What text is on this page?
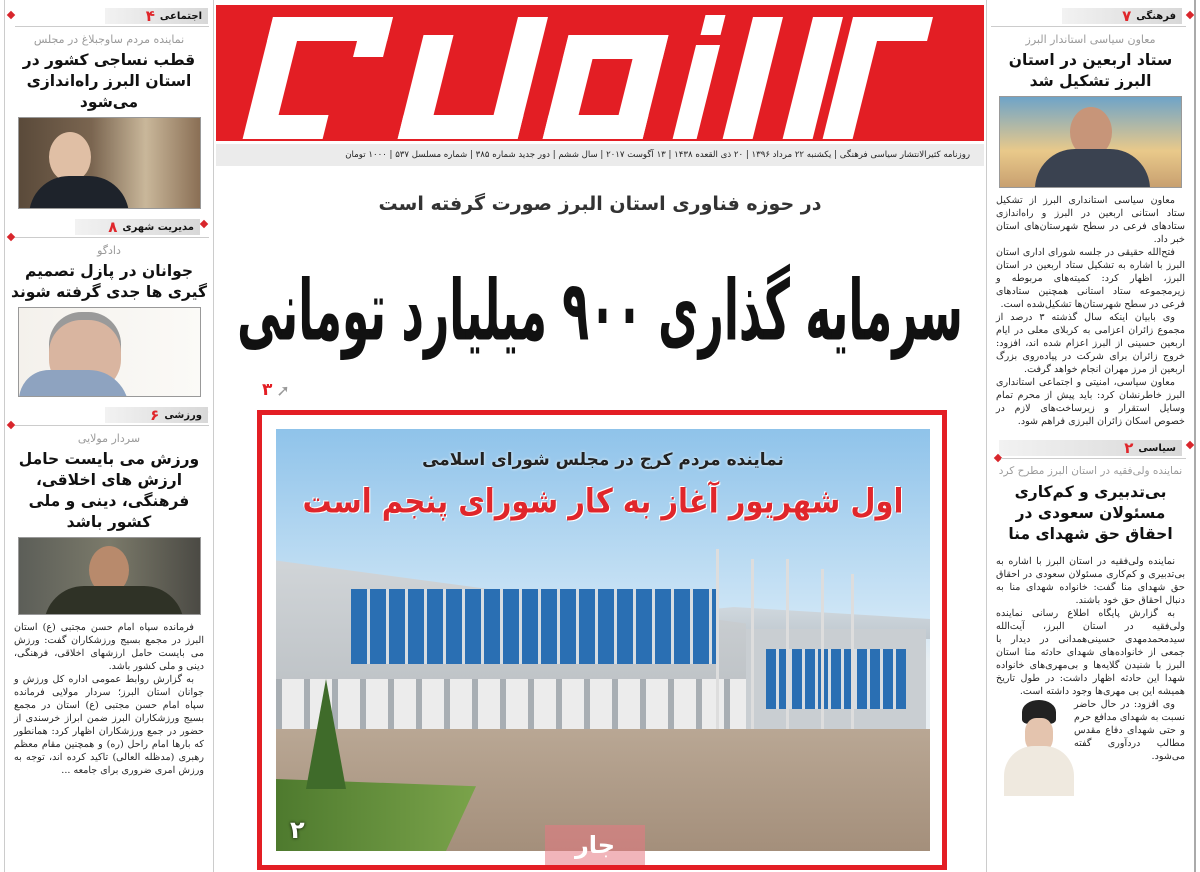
اجتماعی
۴
نماینده مردم ساوجبلاغ در مجلس
قطب نساجی کشور در استان البرز راه‌اندازی می‌شود
مدیریت شهری
۸
دادگو
جوانان در پازل تصمیم گیری ها جدی گرفته شوند
ورزشی
۶
سردار مولایی
ورزش می بایست حامل ارزش های اخلاقی، فرهنگی، دینی و ملی کشور باشد

فرمانده سپاه امام حسن مجتبی (ع) استان البرز در مجمع بسیج ورزشکاران گفت: ورزش می بایست حامل ارزشهای اخلاقی، فرهنگی، دینی و ملی کشور باشد.

به گزارش روابط عمومی اداره کل ورزش و جوانان استان البرز؛ سردار مولایی فرمانده سپاه امام حسن مجتبی (ع) استان در مجمع بسیج ورزشکاران البرز ضمن ابراز خرسندی از حضور در جمع ورزشکاران اظهار کرد: همانطور که بارها امام راحل (ره) و همچنین مقام معظم رهبری (مدظله العالی) تاکید کرده اند، توجه به ورزش امری ضروری برای جامعه ...

روزنامه کثیرالانتشار سیاسی فرهنگی | یکشنبه ۲۲ مرداد ۱۳۹۶ | ۲۰ ذی القعده ۱۴۳۸ | ۱۳ آگوست ۲۰۱۷ | سال ششم | دور جدید شماره ۳۸۵ | شماره مسلسل ۵۳۷ | ۱۰۰۰ تومان
در حوزه فناوری استان البرز صورت گرفته است
سرمایه گذاری ۹۰۰ میلیارد تومانی
۳ ➚
نماینده مردم کرج در مجلس شورای اسلامی
اول شهریور آغاز به کار شورای پنجم است
۲
جار
فرهنگی
۷
معاون سیاسی استاندار البرز
ستاد اربعین در استان البرز تشکیل شد

معاون سیاسی استانداری البرز از تشکیل ستاد استانی اربعین در البرز و راه‌اندازی ستادهای فرعی در سطح شهرستان‌های استان خبر داد.

فتح‌الله حقیقی در جلسه شورای اداری استان البرز با اشاره به تشکیل ستاد اربعین در استان البرز، اظهار کرد: کمیته‌های مربوطه و زیرمجموعه ستاد استانی همچنین ستادهای فرعی در سطح شهرستان‌ها تشکیل‌شده است.

وی بابیان اینکه سال گذشته ۳ درصد از مجموع زائران اعزامی به کربلای معلی در ایام اربعین حسینی از البرز اعزام شده اند، افزود: خروج زائران برای شرکت در پیاده‌روی بزرگ اربعین از مرز مهران انجام خواهد گرفت.

معاون سیاسی، امنیتی و اجتماعی استانداری البرز خاطرنشان کرد: باید پیش از محرم تمام وسایل استقرار و زیرساخت‌های لازم در خصوص اسکان زائران البرزی فراهم شود.

سیاسی
۲
نماینده ولی‌فقیه در استان البرز مطرح کرد
بی‌تدبیری و کم‌کاری مسئولان سعودی در احقاق حق شهدای منا

نماینده ولی‌فقیه در استان البرز با اشاره به بی‌تدبیری و کم‌کاری مسئولان سعودی در احقاق حق شهدای منا گفت: خانواده شهدای منا به دنبال احقاق حق خود باشند.

به گزارش پایگاه اطلاع رسانی نماینده ولی‌فقیه در استان البرز، آیت‌الله سیدمحمدمهدی حسینی‌همدانی در دیدار با جمعی از خانواده‌های شهدای حادثه منا استان البرز با شنیدن گلایه‌ها و بی‌مهری‌های خانواده شهدا این حادثه اظهار داشت: در طول تاریخ همیشه این بی مهری‌ها وجود داشته است.

وی افزود: در حال حاضر نسبت به شهدای مدافع حرم و حتی شهدای دفاع مقدس مطالب دردآوری گفته می‌شود.
